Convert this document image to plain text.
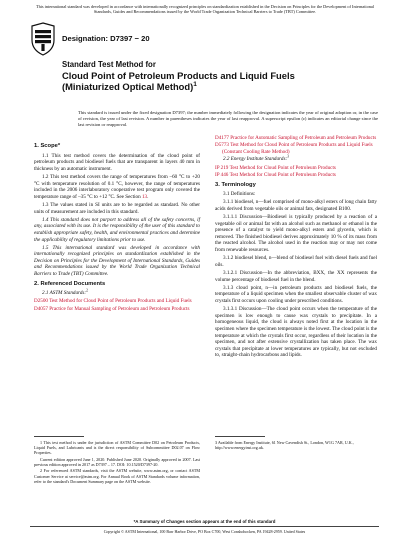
This international standard was developed in accordance with internationally recognized principles on standardization established in the Decision on Principles for the Development of International Standards, Guides and Recommendations issued by the World Trade Organization Technical Barriers to Trade (TBT) Committee.
Designation: D7397 − 20
Standard Test Method for
Cloud Point of Petroleum Products and Liquid Fuels
(Miniaturized Optical Method)$^1$
This standard is issued under the fixed designation D7397; the number immediately following the designation indicates the year of original adoption or, in the case of revision, the year of last revision. A number in parentheses indicates the year of last reapproval. A superscript epsilon (ε) indicates an editorial change since the last revision or reapproval.
1. Scope*

1.1 This test method covers the determination of the cloud point of petroleum products and biodiesel fuels that are transparent in layers 40 mm in thickness by an automatic instrument.

1.2 This test method covers the range of temperatures from –60 °C to +20 °C with temperature resolution of 0.1 °C, however, the range of temperatures included in the 2006 interlaboratory cooperative test program only covered the temperature range of –35 °C to +12 °C. See Section 13.

1.3 The values stated in SI units are to be regarded as standard. No other units of measurement are included in this standard.

1.4 This standard does not purport to address all of the safety concerns, if any, associated with its use. It is the responsibility of the user of this standard to establish appropriate safety, health, and environmental practices and determine the applicability of regulatory limitations prior to use.

1.5 This international standard was developed in accordance with internationally recognized principles on standardization established in the Decision on Principles for the Development of International Standards, Guides and Recommendations issued by the World Trade Organization Technical Barriers to Trade (TBT) Committee.

2. Referenced Documents

2.1 ASTM Standards:$^2$

D2500 Test Method for Cloud Point of Petroleum Products and Liquid Fuels
D4057 Practice for Manual Sampling of Petroleum and Petroleum Products
D4177 Practice for Automatic Sampling of Petroleum and Petroleum Products
D5773 Test Method for Cloud Point of Petroleum Products and Liquid Fuels (Constant Cooling Rate Method)

2.2 Energy Institute Standards:$^3$

IP 219 Test Method for Cloud Point of Petroleum Products
IP 446 Test Method for Cloud Point of Petroleum Products
3. Terminology

3.1 Definitions:

3.1.1 biodiesel, n—fuel comprised of mono-alkyl esters of long chain fatty acids derived from vegetable oils or animal fats, designated B100.

3.1.1.1 Discussion—Biodiesel is typically produced by a reaction of a vegetable oil or animal fat with an alcohol such as methanol or ethanol in the presence of a catalyst to yield mono-alkyl esters and glycerin, which is removed. The finished biodiesel derives approximately 10 % of its mass from the reacted alcohol. The alcohol used in the reaction may or may not come from renewable resources.

3.1.2 biodiesel blend, n—blend of biodiesel fuel with diesel fuels and fuel oils.

3.1.2.1 Discussion—In the abbreviation, BXX, the XX represents the volume percentage of biodiesel fuel in the blend.

3.1.3 cloud point, n—in petroleum products and biodiesel fuels, the temperature of a liquid specimen when the smallest observable cluster of wax crystals first occurs upon cooling under prescribed conditions.

3.1.3.1 Discussion—The cloud point occurs when the temperature of the specimen is low enough to cause wax crystals to precipitate. In a homogeneous liquid, the cloud is always noted first at the location in the specimen where the specimen temperature is the lowest. The cloud point is the temperature at which the crystals first occur, regardless of their location in the specimen, and not after extensive crystallization has taken place. The wax crystals that precipitate at lower temperatures are typically, but not excluded to, straight-chain hydrocarbons and lipids.

1 This test method is under the jurisdiction of ASTM Committee D02 on Petroleum Products, Liquid Fuels, and Lubricants and is the direct responsibility of Subcommittee D02.07 on Flow Properties.

Current edition approved June 1, 2020. Published June 2020. Originally approved in 2007. Last previous edition approved in 2017 as D7397 – 17. DOI: 10.1520/D7397-20.

2 For referenced ASTM standards, visit the ASTM website, www.astm.org, or contact ASTM Customer Service at service@astm.org. For Annual Book of ASTM Standards volume information, refer to the standard's Document Summary page on the ASTM website.

3 Available from Energy Institute, 61 New Cavendish St., London, W1G 7AR, U.K., http://www.energyinst.org.uk.
*A Summary of Changes section appears at the end of this standard
Copyright © ASTM International, 100 Barr Harbor Drive, PO Box C700, West Conshohocken, PA 19428-2959. United States
